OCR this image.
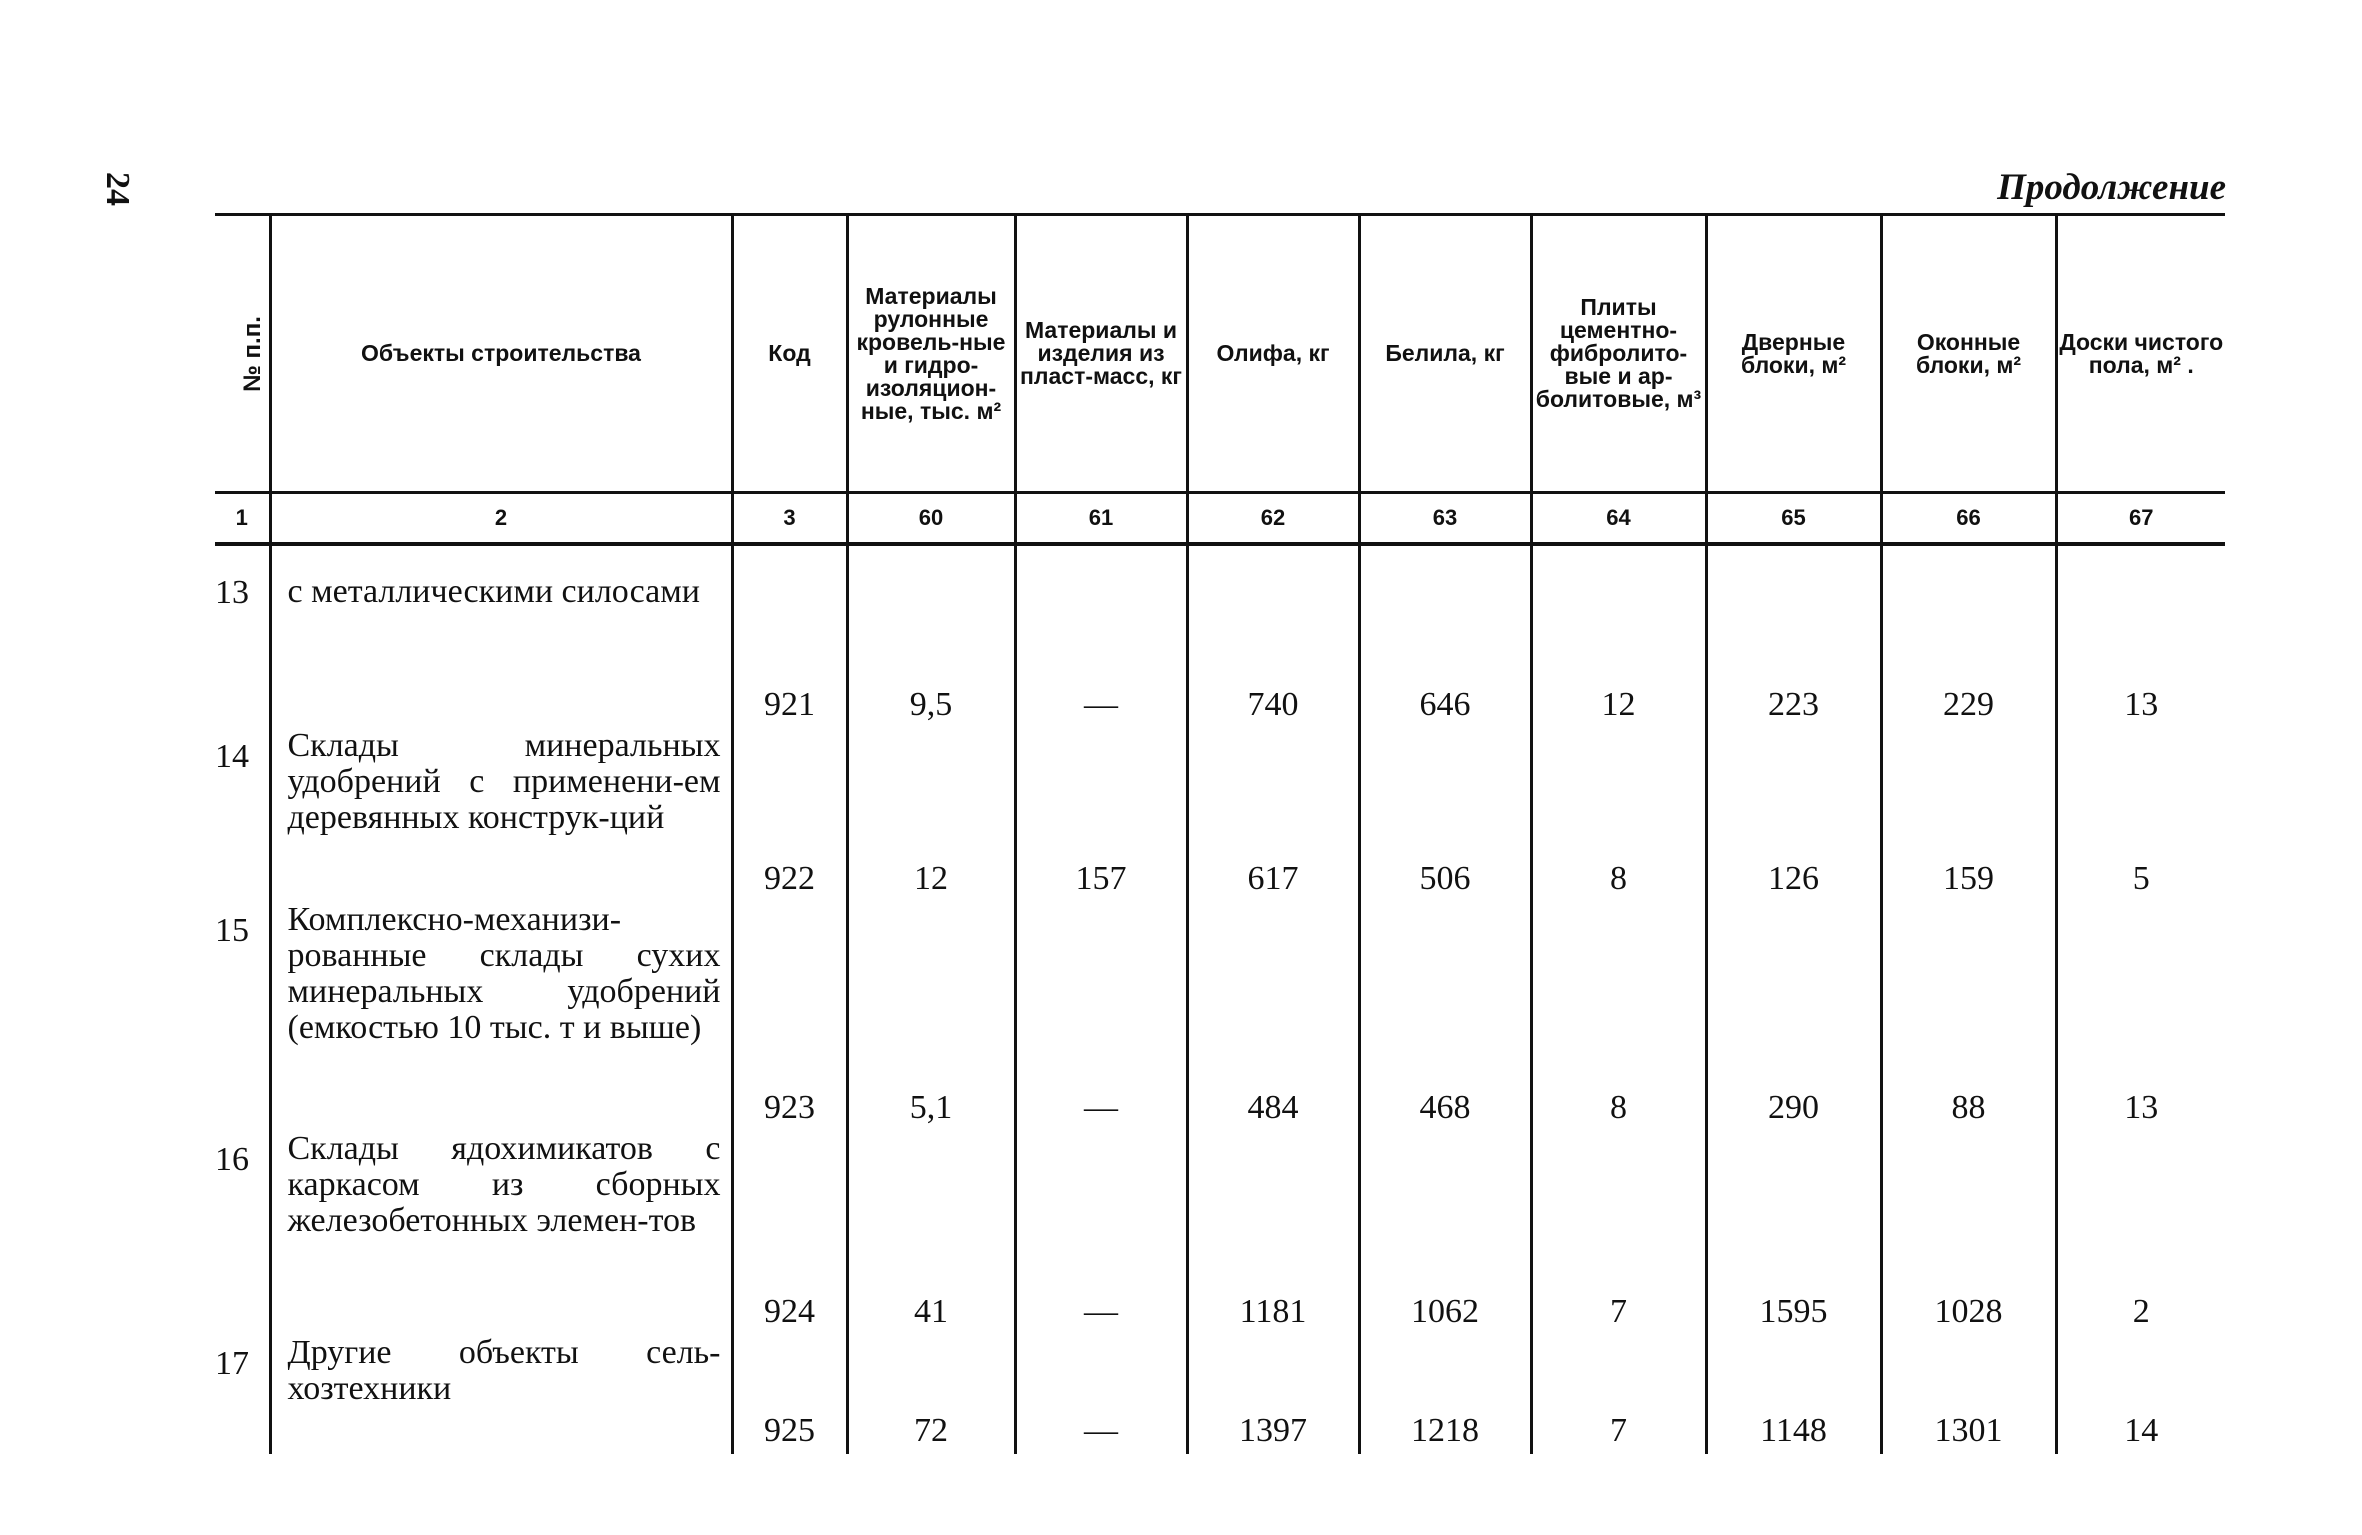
24	Продолжение
№ п.п.	Объекты строительства	Код	Материалы рулонные кровель-ные и гидро-изоляцион-ные, тыс. м²	Материалы и изделия из пласт-масс, кг	Олифа, кг	Белила, кг	Плиты цементно-фибролито-вые и ар-болитовые, м³	Дверные блоки, м²	Оконные блоки, м²	Доски чистого пола, м² .
1	2	3	60	61	62	63	64	65	66	67
13	с металлическими силосами	921	9,5	—	740	646	12	223	229	13
14	Склады минеральных удобрений с применени-ем деревянных конструк-ций	922	12	157	617	506	8	126	159	5
15	Комплексно-механизи-рованные склады сухих минеральных удобрений (емкостью 10 тыс. т и выше)	923	5,1	—	484	468	8	290	88	13
16	Склады ядохимикатов с каркасом из сборных железобетонных элемен-тов	924	41	—	1181	1062	7	1595	1028	2
17	Другие объекты сель-хозтехники	925	72	—	1397	1218	7	1148	1301	14
